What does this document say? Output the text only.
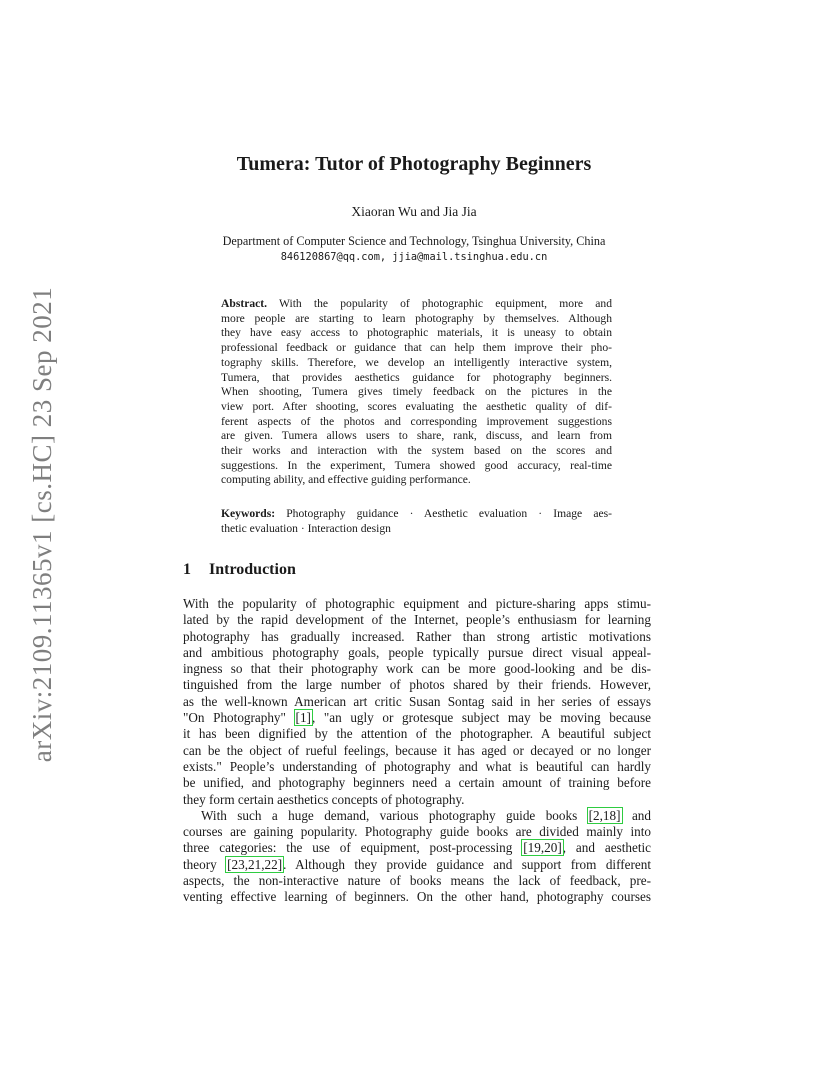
arXiv:2109.11365v1 [cs.HC] 23 Sep 2021
Tumera: Tutor of Photography Beginners
Xiaoran Wu and Jia Jia
Department of Computer Science and Technology, Tsinghua University, China
846120867@qq.com, jjia@mail.tsinghua.edu.cn
Abstract. With the popularity of photographic equipment, more and
more people are starting to learn photography by themselves. Although
they have easy access to photographic materials, it is uneasy to obtain
professional feedback or guidance that can help them improve their pho-
tography skills. Therefore, we develop an intelligently interactive system,
Tumera, that provides aesthetics guidance for photography beginners.
When shooting, Tumera gives timely feedback on the pictures in the
view port. After shooting, scores evaluating the aesthetic quality of dif-
ferent aspects of the photos and corresponding improvement suggestions
are given. Tumera allows users to share, rank, discuss, and learn from
their works and interaction with the system based on the scores and
suggestions. In the experiment, Tumera showed good accuracy, real-time
computing ability, and effective guiding performance.
Keywords: Photography guidance · Aesthetic evaluation · Image aes-
thetic evaluation · Interaction design
1 Introduction
With the popularity of photographic equipment and picture-sharing apps stimu-
lated by the rapid development of the Internet, people’s enthusiasm for learning
photography has gradually increased. Rather than strong artistic motivations
and ambitious photography goals, people typically pursue direct visual appeal-
ingness so that their photography work can be more good-looking and be dis-
tinguished from the large number of photos shared by their friends. However,
as the well-known American art critic Susan Sontag said in her series of essays
"On Photography" [1], "an ugly or grotesque subject may be moving because
it has been dignified by the attention of the photographer. A beautiful subject
can be the object of rueful feelings, because it has aged or decayed or no longer
exists." People’s understanding of photography and what is beautiful can hardly
be unified, and photography beginners need a certain amount of training before
they form certain aesthetics concepts of photography.
With such a huge demand, various photography guide books [2,18] and
courses are gaining popularity. Photography guide books are divided mainly into
three categories: the use of equipment, post-processing [19,20], and aesthetic
theory [23,21,22]. Although they provide guidance and support from different
aspects, the non-interactive nature of books means the lack of feedback, pre-
venting effective learning of beginners. On the other hand, photography courses
